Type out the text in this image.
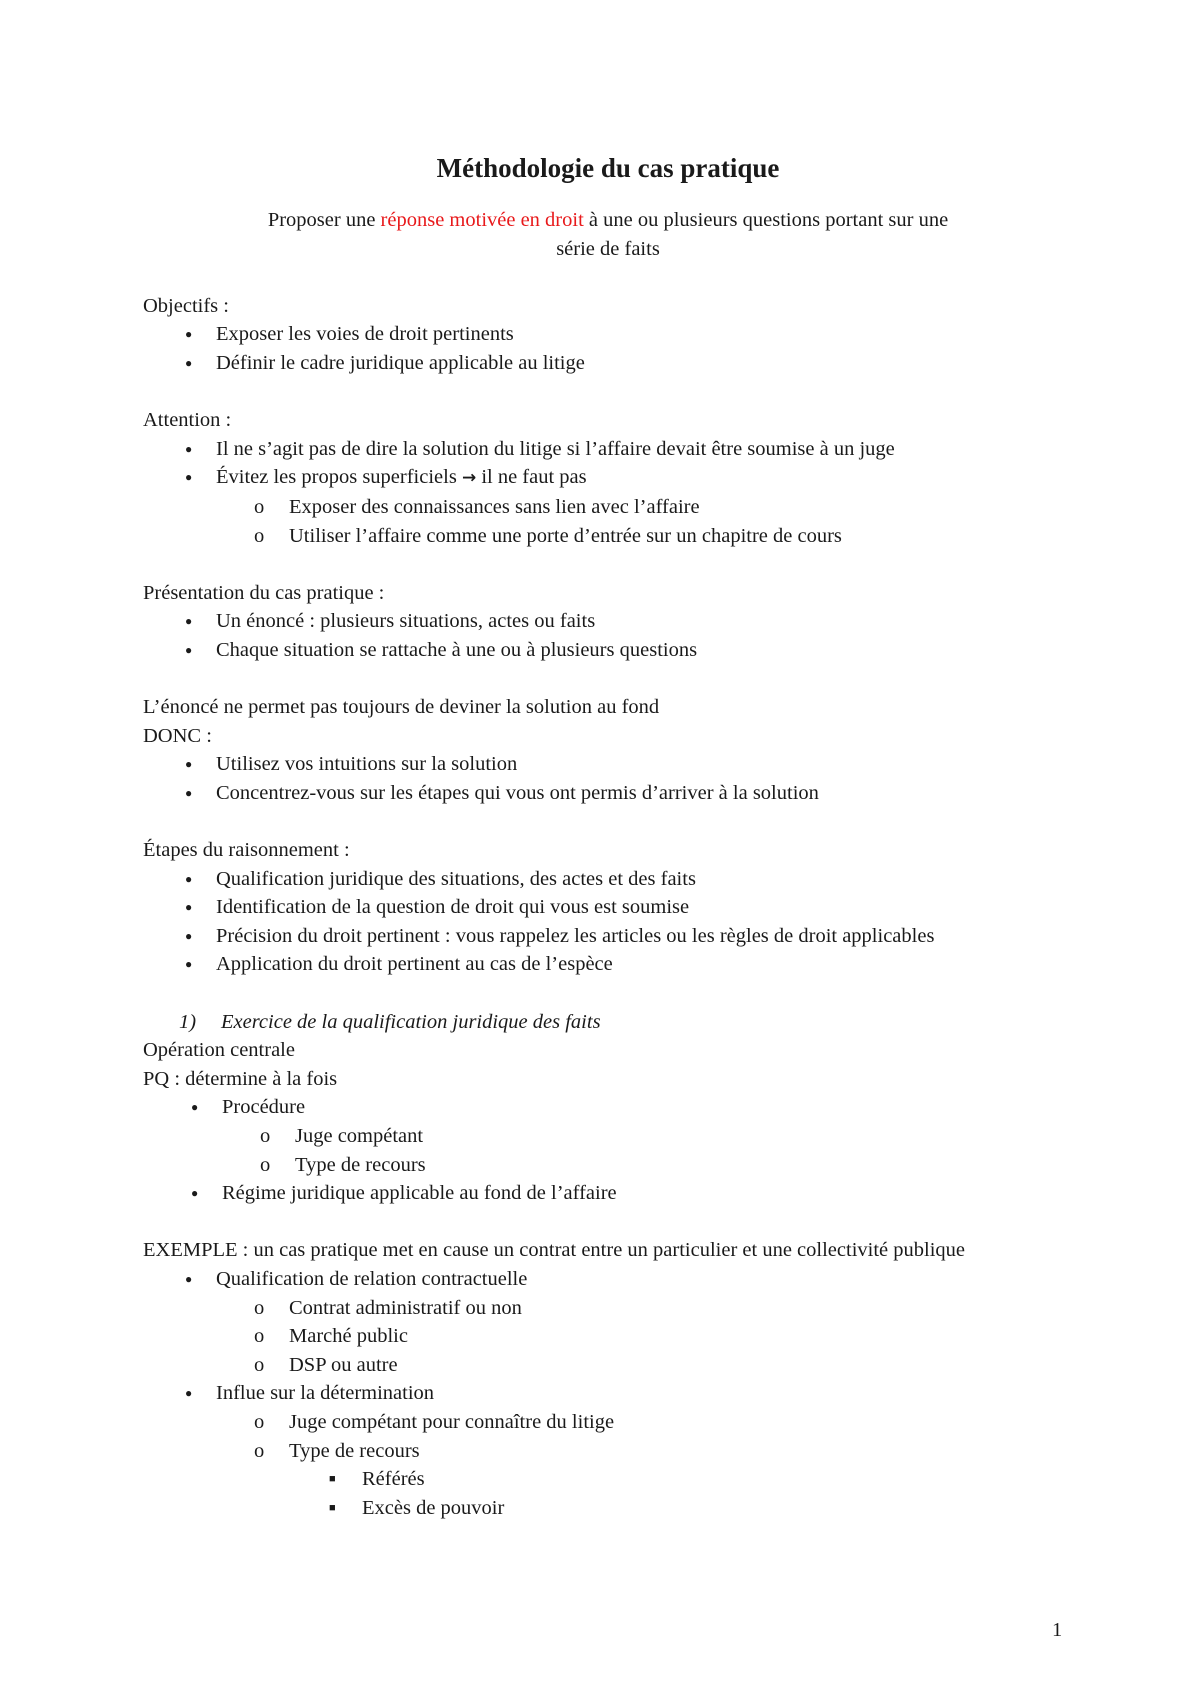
Méthodologie du cas pratique
Proposer une réponse motivée en droit à une ou plusieurs questions portant sur une
série de faits
Objectifs :
● Exposer les voies de droit pertinents
● Définir le cadre juridique applicable au litige
Attention :
● Il ne s’agit pas de dire la solution du litige si l’affaire devait être soumise à un juge
● Évitez les propos superficiels → il ne faut pas
o Exposer des connaissances sans lien avec l’affaire
o Utiliser l’affaire comme une porte d’entrée sur un chapitre de cours
Présentation du cas pratique :
● Un énoncé : plusieurs situations, actes ou faits
● Chaque situation se rattache à une ou à plusieurs questions
L’énoncé ne permet pas toujours de deviner la solution au fond
DONC :
● Utilisez vos intuitions sur la solution
● Concentrez-vous sur les étapes qui vous ont permis d’arriver à la solution
Étapes du raisonnement :
● Qualification juridique des situations, des actes et des faits
● Identification de la question de droit qui vous est soumise
● Précision du droit pertinent : vous rappelez les articles ou les règles de droit applicables
● Application du droit pertinent au cas de l’espèce
1) Exercice de la qualification juridique des faits
Opération centrale
PQ : détermine à la fois
● Procédure
o Juge compétant
o Type de recours
● Régime juridique applicable au fond de l’affaire
EXEMPLE : un cas pratique met en cause un contrat entre un particulier et une collectivité publique
● Qualification de relation contractuelle
o Contrat administratif ou non
o Marché public
o DSP ou autre
● Influe sur la détermination
o Juge compétant pour connaître du litige
o Type de recours
■ Référés
■ Excès de pouvoir
1
